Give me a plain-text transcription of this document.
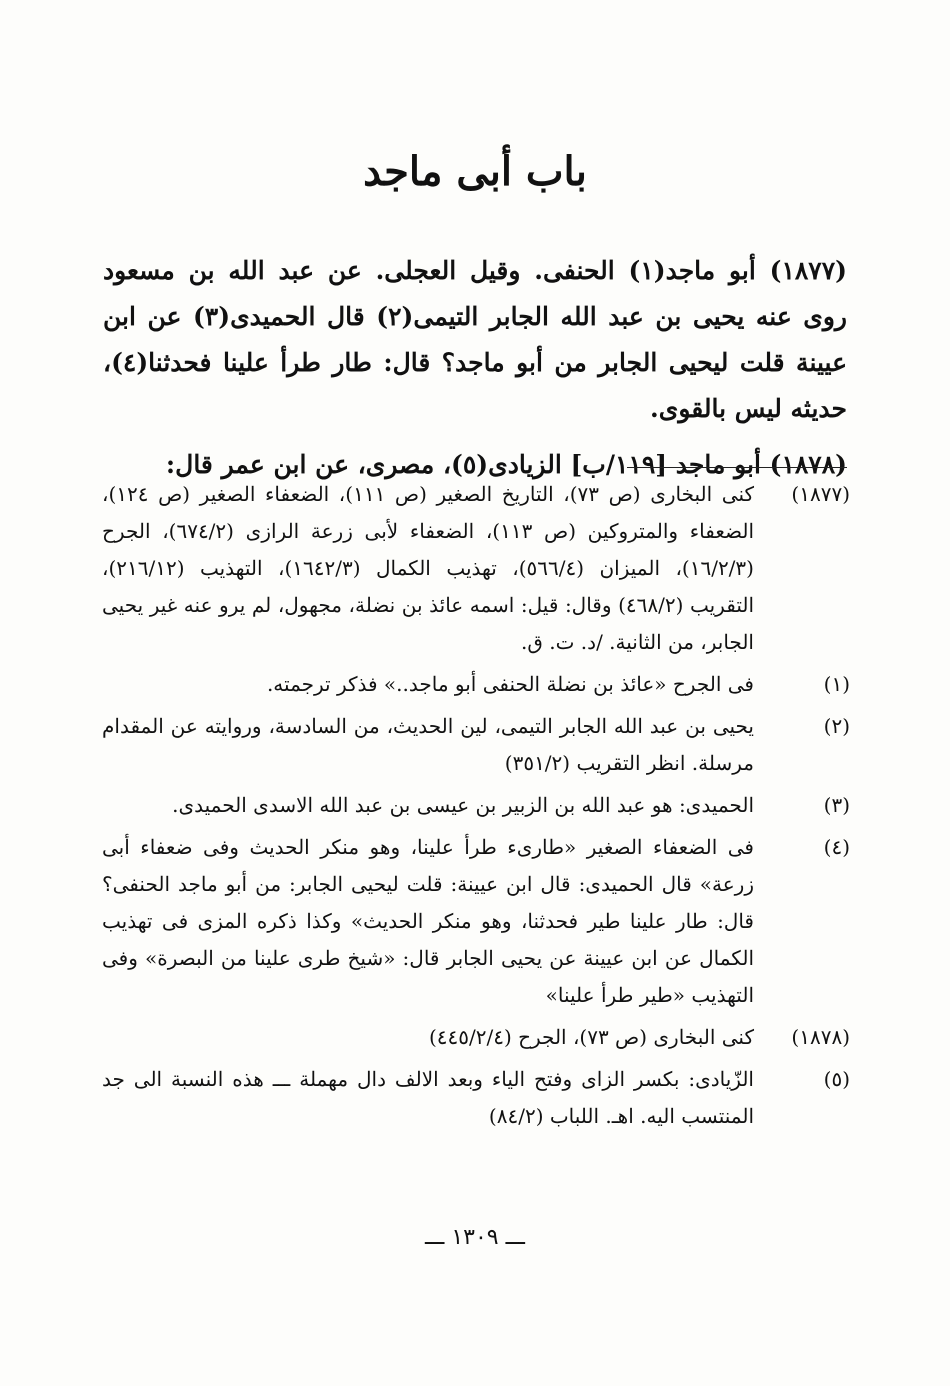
باب أبى ماجد

(١٨٧٧) أبو ماجد(١) الحنفى. وقيل العجلى. عن عبد الله بن مسعود روى عنه يحيى بن عبد الله الجابر التيمى(٢) قال الحميدى(٣) عن ابن عيينة قلت ليحيى الجابر من أبو ماجد؟ قال: طار طرأ علينا فحدثنا(٤)، حديثه ليس بالقوى.

(١٨٧٨) أبو ماجد [١١٩/ب] الزيادى(٥)، مصرى، عن ابن عمر قال:

(١٨٧٧)
كنى البخارى (ص ٧٣)، التاريخ الصغير (ص ١١١)، الضعفاء الصغير (ص ١٢٤)، الضعفاء والمتروكين (ص ١١٣)، الضعفاء لأبى زرعة الرازى (٦٧٤/٢)، الجرح (١٦/٢/٣)، الميزان (٥٦٦/٤)، تهذيب الكمال (١٦٤٢/٣)، التهذيب (٢١٦/١٢)، التقريب (٤٦٨/٢) وقال: قيل: اسمه عائذ بن نضلة، مجهول، لم يرو عنه غير يحيى الجابر، من الثانية. /د. ت. ق.
(١)
فى الجرح «عائذ بن نضلة الحنفى أبو ماجد..» فذكر ترجمته.
(٢)
يحيى بن عبد الله الجابر التيمى، لين الحديث، من السادسة، وروايته عن المقدام مرسلة. انظر التقريب (٣٥١/٢)
(٣)
الحميدى: هو عبد الله بن الزبير بن عيسى بن عبد الله الاسدى الحميدى.
(٤)
فى الضعفاء الصغير «طارىء طرأ علينا، وهو منكر الحديث وفى ضعفاء أبى زرعة» قال الحميدى: قال ابن عيينة: قلت ليحيى الجابر: من أبو ماجد الحنفى؟ قال: طار علينا طير فحدثنا، وهو منكر الحديث» وكذا ذكره المزى فى تهذيب الكمال عن ابن عيينة عن يحيى الجابر قال: «شيخ طرى علينا من البصرة» وفى التهذيب «طير طرأ علينا»
(١٨٧٨)
كنى البخارى (ص ٧٣)، الجرح (٤٤٥/٢/٤)
(٥)
الزّيادى: بكسر الزاى وفتح الياء وبعد الالف دال مهملة ـــ هذه النسبة الى جد المنتسب اليه. اهـ. اللباب (٨٤/٢)
ـــ ١٣٠٩ ـــ
